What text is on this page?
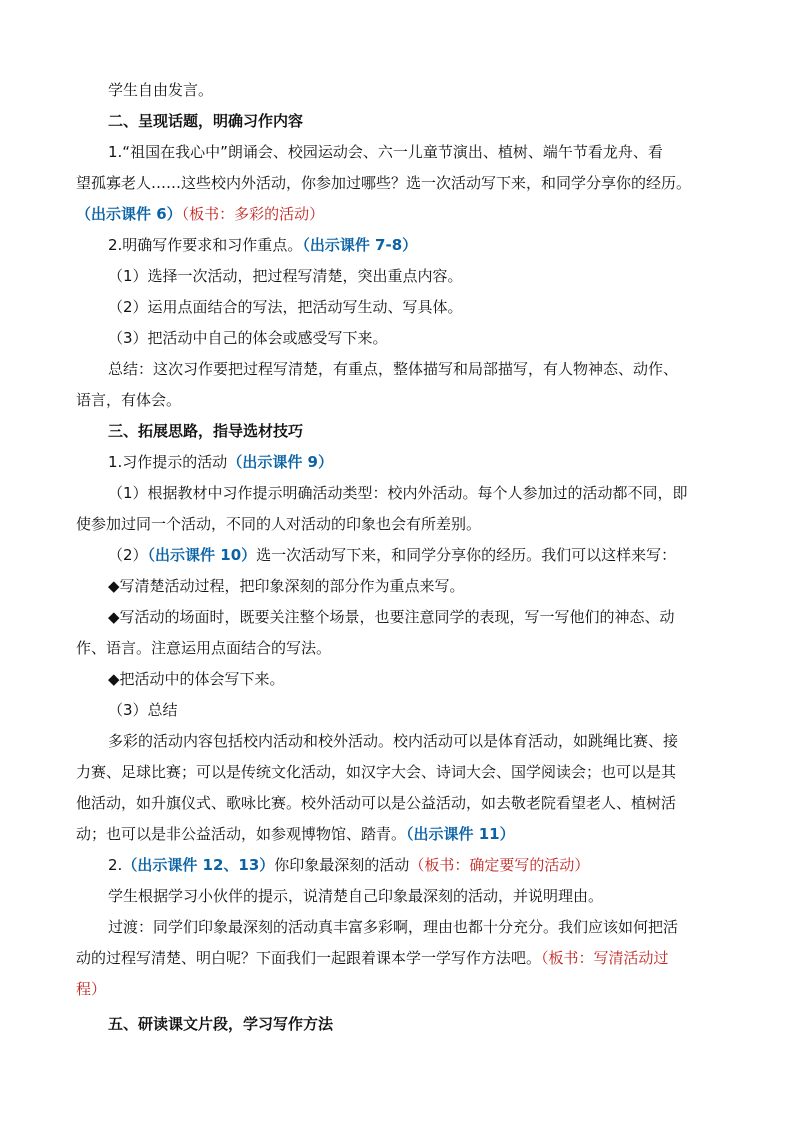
学生自由发言。
二、呈现话题，明确习作内容
1.“祖国在我心中”朗诵会、校园运动会、六一儿童节演出、植树、端午节看龙舟、看
望孤寡老人……这些校内外活动，你参加过哪些？选一次活动写下来，和同学分享你的经历。
（出示课件 6）（板书：多彩的活动）
2.明确写作要求和习作重点。（出示课件 7-8）
（1）选择一次活动，把过程写清楚，突出重点内容。
（2）运用点面结合的写法，把活动写生动、写具体。
（3）把活动中自己的体会或感受写下来。
总结：这次习作要把过程写清楚，有重点，整体描写和局部描写，有人物神态、动作、
语言，有体会。
三、拓展思路，指导选材技巧
1.习作提示的活动（出示课件 9）
（1）根据教材中习作提示明确活动类型：校内外活动。每个人参加过的活动都不同，即
使参加过同一个活动，不同的人对活动的印象也会有所差别。
（2）（出示课件 10）选一次活动写下来，和同学分享你的经历。我们可以这样来写：
◆写清楚活动过程，把印象深刻的部分作为重点来写。
◆写活动的场面时，既要关注整个场景，也要注意同学的表现，写一写他们的神态、动
作、语言。注意运用点面结合的写法。
◆把活动中的体会写下来。
（3）总结
多彩的活动内容包括校内活动和校外活动。校内活动可以是体育活动，如跳绳比赛、接
力赛、足球比赛；可以是传统文化活动，如汉字大会、诗词大会、国学阅读会；也可以是其
他活动，如升旗仪式、歌咏比赛。校外活动可以是公益活动，如去敬老院看望老人、植树活
动；也可以是非公益活动，如参观博物馆、踏青。（出示课件 11）
2.（出示课件 12、13）你印象最深刻的活动（板书：确定要写的活动）
学生根据学习小伙伴的提示，说清楚自己印象最深刻的活动，并说明理由。
过渡：同学们印象最深刻的活动真丰富多彩啊，理由也都十分充分。我们应该如何把活
动的过程写清楚、明白呢？下面我们一起跟着课本学一学写作方法吧。（板书：写清活动过
程）
五、研读课文片段，学习写作方法
